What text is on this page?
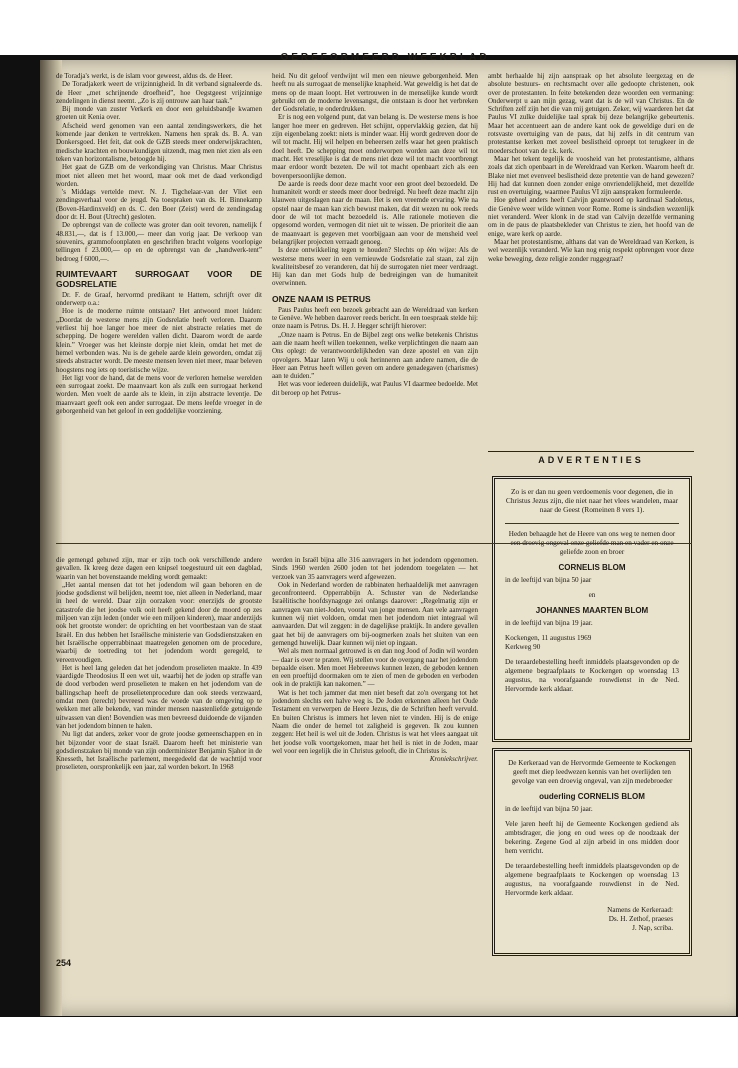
GEREFORMEERD WEEKBLAD

de Toradja's werkt, is de islam voor geweest, aldus ds. de Heer.

De Toradjakerk weert de vrijzinnigheid. In dit verband signaleerde ds. de Heer „met schrijnende droefheid”, hoe Oegstgeest vrijzinnige zendelingen in dienst neemt. „Zo is zij ontrouw aan haar taak.”

Bij monde van zuster Verkerk en door een geluidsbandje kwamen groeten uit Kenia over.

Afscheid werd genomen van een aantal zendingswerkers, die het komende jaar denken te vertrekken. Namens hen sprak ds. B. A. van Donkersgoed. Het feit, dat ook de GZB steeds meer onderwijskrachten, medische krachten en bouwkundigen uitzendt, mag men niet zien als een teken van horizontalisme, betoogde hij.

Het gaat de GZB om de verkondiging van Christus. Maar Christus moet niet alleen met het woord, maar ook met de daad verkondigd worden.

's Middags vertelde mevr. N. J. Tigchelaar-van der Vliet een zendingsverhaal voor de jeugd. Na toespraken van ds. H. Binnekamp (Boven-Hardinxveld) en ds. C. den Boer (Zeist) werd de zendingsdag door dr. H. Bout (Utrecht) gesloten.

De opbrengst van de collecte was groter dan ooit tevoren, namelijk f 48.831,—, dat is f 13.000,— meer dan vorig jaar. De verkoop van souvenirs, grammofoonplaten en geschriften bracht volgens voorlopige tellingen f 23.000,— op en de opbrengst van de „handwerk-tent” bedroeg f 6000,—.

RUIMTEVAART SURROGAAT VOOR DE GODSRELATIE

Dr. F. de Graaf, hervormd predikant te Hattem, schrijft over dit onderwerp o.a.:

Hoe is de moderne ruimte ontstaan? Het antwoord moet luiden: „Doordat de westerse mens zijn Godsrelatie heeft verloren. Daarom verliest hij hoe langer hoe meer de niet abstracte relaties met de schepping. De hogere werelden vallen dicht. Daarom wordt de aarde klein.” Vroeger was het kleinste dorpje niet klein, omdat het met de hemel verbonden was. Nu is de gehele aarde klein geworden, omdat zij steeds abstracter wordt. De meeste mensen leven niet meer, maar beleven hoogstens nog iets op toeristische wijze.

Het ligt voor de hand, dat de mens voor de verloren hemelse werelden een surrogaat zoekt. De maanvaart kon als zulk een surrogaat herkend worden. Men voelt de aarde als te klein, in zijn abstracte leventje. De maanvaart geeft ook een ander surrogaat. De mens leefde vroeger in de geborgenheid van het geloof in een goddelijke voorziening.

heid. Nu dit geloof verdwijnt wil men een nieuwe geborgenheid. Men heeft nu als surrogaat de menselijke knapheid. Wat geweldig is het dat de mens op de maan loopt. Het vertrouwen in de menselijke kunde wordt gebruikt om de moderne levensangst, die ontstaan is door het verbreken der Godsrelatie, te onderdrukken.

Er is nog een volgend punt, dat van belang is. De westerse mens is hoe langer hoe meer en gedreven. Het schijnt, oppervlakkig gezien, dat hij zijn eigenbelang zoekt: niets is minder waar. Hij wordt gedreven door de wil tot macht. Hij wil helpen en beheersen zelfs waar het geen praktisch doel heeft. De schepping moet onderworpen worden aan deze wil tot macht. Het vreselijke is dat de mens niet deze wil tot macht voortbrengt maar erdoor wordt bezeten. De wil tot macht openbaart zich als een bovenpersoonlijke demon.

De aarde is reeds door deze macht voor een groot deel bezoedeld. De humaniteit wordt er steeds meer door bedreigd. Nu heeft deze macht zijn klauwen uitgeslagen naar de maan. Het is een vreemde ervaring. Wie na opstel naar de maan kan zich bewust maken, dat dit wezen nu ook reeds door de wil tot macht bezoedeld is. Alle rationele motieven die opgesomd worden, vermogen dit niet uit te wissen. De prioriteit die aan de maanvaart is gegeven met voorbijgaan aan voor de mensheid veel belangrijker projecten verraadt genoeg.

Is deze ontwikkeling tegen te houden? Slechts op één wijze: Als de westerse mens weer in een vernieuwde Godsrelatie zal staan, zal zijn kwaliteitsbesef zo veranderen, dat hij de surrogaten niet meer verdraagt. Hij kan dan met Gods hulp de bedreigingen van de humaniteit overwinnen.

ONZE NAAM IS PETRUS

Paus Paulus heeft een bezoek gebracht aan de Wereldraad van kerken te Genève. We hebben daarover reeds bericht. In een toespraak stelde hij: onze naam is Petrus. Ds. H. J. Hegger schrijft hierover:

„Onze naam is Petrus. En de Bijbel zegt ons welke betekenis Christus aan die naam heeft willen toekennen, welke verplichtingen die naam aan Ons oplegt: de verantwoordelijkheden van deze apostel en van zijn opvolgers. Maar laten Wij u ook herinneren aan andere namen, die de Heer aan Petrus heeft willen geven om andere genadegaven (charismes) aan te duiden.”

Het was voor iedereen duidelijk, wat Paulus VI daarmee bedoelde. Met dit beroep op het Petrus-

ambt herhaalde hij zijn aanspraak op het absolute leergezag en de absolute bestuurs- en rechtsmacht over alle gedoopte christenen, ook over de protestanten. In feite betekenden deze woorden een vermaning: Onderwerpt u aan mijn gezag, want dat is de wil van Christus. En de Schriften zelf zijn het die van mij getuigen. Zeker, wij waarderen het dat Paulus VI zulke duidelijke taal sprak bij deze belangrijke gebeurtenis. Maar het accentueert aan de andere kant ook de geweldige duri en de rotsvaste overtuiging van de paus, dat hij zelfs in dit centrum van protestantse kerken met zoveel beslistheid oproept tot terugkeer in de moederschoot van de r.k. kerk.

Maar het tekent tegelijk de voosheid van het protestantisme, althans zoals dat zich openbaart in de Wereldraad van Kerken. Waarom heeft dr. Blake niet met evenveel beslistheid deze pretentie van de hand gewezen? Hij had dat kunnen doen zonder enige onvriendelijkheid, met dezelfde rust en overtuiging, waarmee Paulus VI zijn aanspraken formuleerde.

Hoe geheel anders heeft Calvijn geantwoord op kardinaal Sadoletus, die Genève weer wilde winnen voor Rome. Rome is sindsdien wezenlijk niet veranderd. Weer klonk in de stad van Calvijn dezelfde vermaning om in de paus de plaatsbekleder van Christus te zien, het hoofd van de enige, ware kerk op aarde.

Maar het protestantisme, althans dat van de Wereldraad van Kerken, is wel wezenlijk veranderd. Wie kan nog enig respekt opbrengen voor deze weke beweging, deze religie zonder ruggegraat?

ADVERTENTIES

Zo is er dan nu geen verdoemenis voor degenen, die in Christus Jezus zijn, die niet naar het vlees wandelen, maar naar de Geest (Romeinen 8 vers 1).

Heden behaagde het de Heere van ons weg te nemen door geliefde zoon en broer

CORNELIS BLOM

in de leeftijd van bijna 50 jaar

en

JOHANNES MAARTEN BLOM

in de leeftijd van bijna 19 jaar.

Kockengen, 11 augustus 1969

Kerkweg 90

De teraardebestelling heeft inmiddels plaatsgevonden op de algemene begraafplaats te Kockengen op woensdag 13 augustus, na voorafgaande rouwdienst in de Ned. Hervormde kerk aldaar.

De Kerkeraad van de Hervormde Gemeente te Kockengen geeft met diep leedwezen kennis van het overlijden ten gevolge van een droevig ongeval, van zijn medebroeder

ouderling CORNELIS BLOM

in de leeftijd van bijna 50 jaar.

Vele jaren heeft hij de Gemeente Kockengen gediend als ambtsdrager, die jong en oud wees op de noodzaak der bekering. Zegene God al zijn arbeid in ons midden door hem verricht.

De teraardebestelling heeft inmiddels plaatsgevonden op de algemene begraafplaats te Kockengen op woensdag 13 augustus, na voorafgaande rouwdienst in de Ned. Hervormde kerk aldaar.

Namens de Kerkeraad:
Ds. H. Zethof, praeses
J. Nap, scriba.

die gemengd gehuwd zijn, mar er zijn toch ook verschillende andere gevallen. Ik kreeg deze dagen een knipsel toegestuurd uit een dagblad, waarin van het bovenstaande melding wordt gemaakt:

„Het aantal mensen dat tot het jodendom wil gaan behoren en de joodse godsdienst wil belijden, neemt toe, niet alleen in Nederland, maar in heel de wereld. Daar zijn oorzaken voor: enerzijds de grootste catastrofe die het joodse volk ooit heeft gekend door de moord op zes miljoen van zijn leden (onder wie een miljoen kinderen), maar anderzijds ook het grootste wonder: de oprichting en het voortbestaan van de staat Israël. En dus hebben het Israëlische ministerie van Godsdienstzaken en het Israëlische opperrabbinaat maatregelen genomen om de procedure, waarbij de toetreding tot het jodendom wordt geregeld, te vereenvoudigen.

Het is heel lang geleden dat het jodendom proselieten maakte. In 439 vaardigde Theodosius II een wet uit, waarbij het de joden op straffe van de dood verboden werd proselieten te maken en het jodendom van de ballingschap heeft de proselietenprocedure dan ook steeds verzwaard, omdat men (terecht) bevreesd was de woede van de omgeving op te wekken met alle bekende, van minder mensen naastenliefde getuigende uitwassen van dien! Bovendien was men bevreesd duidoende de vijanden van het jodendom binnen te halen.

Nu ligt dat anders, zeker voor de grote joodse gemeenschappen en in het bijzonder voor de staat Israël. Daarom heeft het ministerie van godsdienstzaken bij monde van zijn onderminister Benjamin Sjahor in de Knesseth, het Israëlische parlement, meegedeeld dat de wachttijd voor proselieten, oorspronkelijk een jaar, zal worden bekort. In 1968

werden in Israël bijna alle 316 aanvragers in het jodendom opgenomen. Sinds 1960 werden 2600 joden tot het jodendom toegelaten — het verzoek van 35 aanvragers werd afgewezen.

Ook in Nederland worden de rabbinaten herhaaldelijk met aanvragen geconfronteerd. Opperrabbijn A. Schuster van de Nederlandse Israëlitische hoofdsynagoge zei onlangs daarover: „Regelmatig zijn er aanvragen van niet-Joden, vooral van jonge mensen. Aan vele aanvragen kunnen wij niet voldoen, omdat men het jodendom niet integraal wil aanvaarden. Dat wil zeggen: in de dagelijkse praktijk. In andere gevallen gaat het bij de aanvragers om bij-oogmerken zoals het sluiten van een gemengd huwelijk. Daar kunnen wij niet op ingaan.

Wel als men normaal getrouwd is en dan nog Jood of Jodin wil worden — daar is over te praten. Wij stellen voor de overgang naar het jodendom bepaalde eisen. Men moet Hebreeuws kunnen lezen, de geboden kennen en een proeftijd doormaken om te zien of men de geboden en verboden ook in de praktijk kan nakomen.” —

Wat is het toch jammer dat men niet beseft dat zo'n overgang tot het jodendom slechts een halve weg is. De Joden erkennen alleen het Oude Testament en verwerpen de Heere Jezus, die de Schriften heeft vervuld. En buiten Christus is immers het leven niet te vinden. Hij is de enige Naam die onder de hemel tot zaligheid is gegeven. Ik zou kunnen zeggen: Het heil is wel uit de Joden. Christus is wat het vlees aangaat uit het joodse volk voortgekomen, maar het heil is niet in de Joden, maar wel voor een iegelijk die in Christus gelooft, die in Christus is.

Kroniekschrijver.
254
